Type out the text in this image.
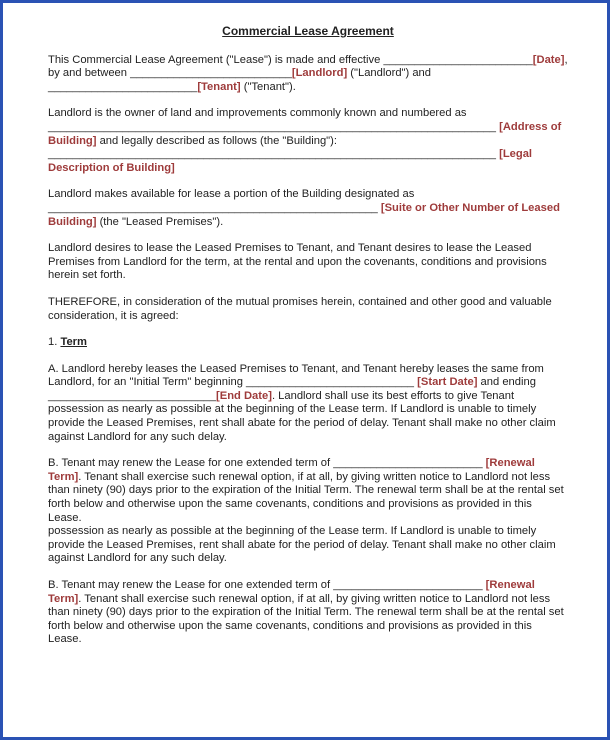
Commercial Lease Agreement

This Commercial Lease Agreement ("Lease") is made and effective ________________________[Date], by and between __________________________[Landlord] ("Landlord") and ________________________[Tenant] ("Tenant").

Landlord is the owner of land and improvements commonly known and numbered as ________________________________________________________________________ [Address of Building] and legally described as follows (the "Building"): ________________________________________________________________________ [Legal Description of Building]

Landlord makes available for lease a portion of the Building designated as _____________________________________________________ [Suite or Other Number of Leased Building] (the "Leased Premises").

Landlord desires to lease the Leased Premises to Tenant, and Tenant desires to lease the Leased Premises from Landlord for the term, at the rental and upon the covenants, conditions and provisions herein set forth.

THEREFORE, in consideration of the mutual promises herein, contained and other good and valuable consideration, it is agreed:

1. Term

A. Landlord hereby leases the Leased Premises to Tenant, and Tenant hereby leases the same from Landlord, for an "Initial Term" beginning ___________________________ [Start Date] and ending ___________________________[End Date]. Landlord shall use its best efforts to give Tenant possession as nearly as possible at the beginning of the Lease term. If Landlord is unable to timely provide the Leased Premises, rent shall abate for the period of delay. Tenant shall make no other claim against Landlord for any such delay.

B. Tenant may renew the Lease for one extended term of ________________________ [Renewal Term]. Tenant shall exercise such renewal option, if at all, by giving written notice to Landlord not less than ninety (90) days prior to the expiration of the Initial Term. The renewal term shall be at the rental set forth below and otherwise upon the same covenants, conditions and provisions as provided in this Lease.
possession as nearly as possible at the beginning of the Lease term. If Landlord is unable to timely provide the Leased Premises, rent shall abate for the period of delay. Tenant shall make no other claim against Landlord for any such delay.

B. Tenant may renew the Lease for one extended term of ________________________ [Renewal Term]. Tenant shall exercise such renewal option, if at all, by giving written notice to Landlord not less than ninety (90) days prior to the expiration of the Initial Term. The renewal term shall be at the rental set forth below and otherwise upon the same covenants, conditions and provisions as provided in this Lease.
